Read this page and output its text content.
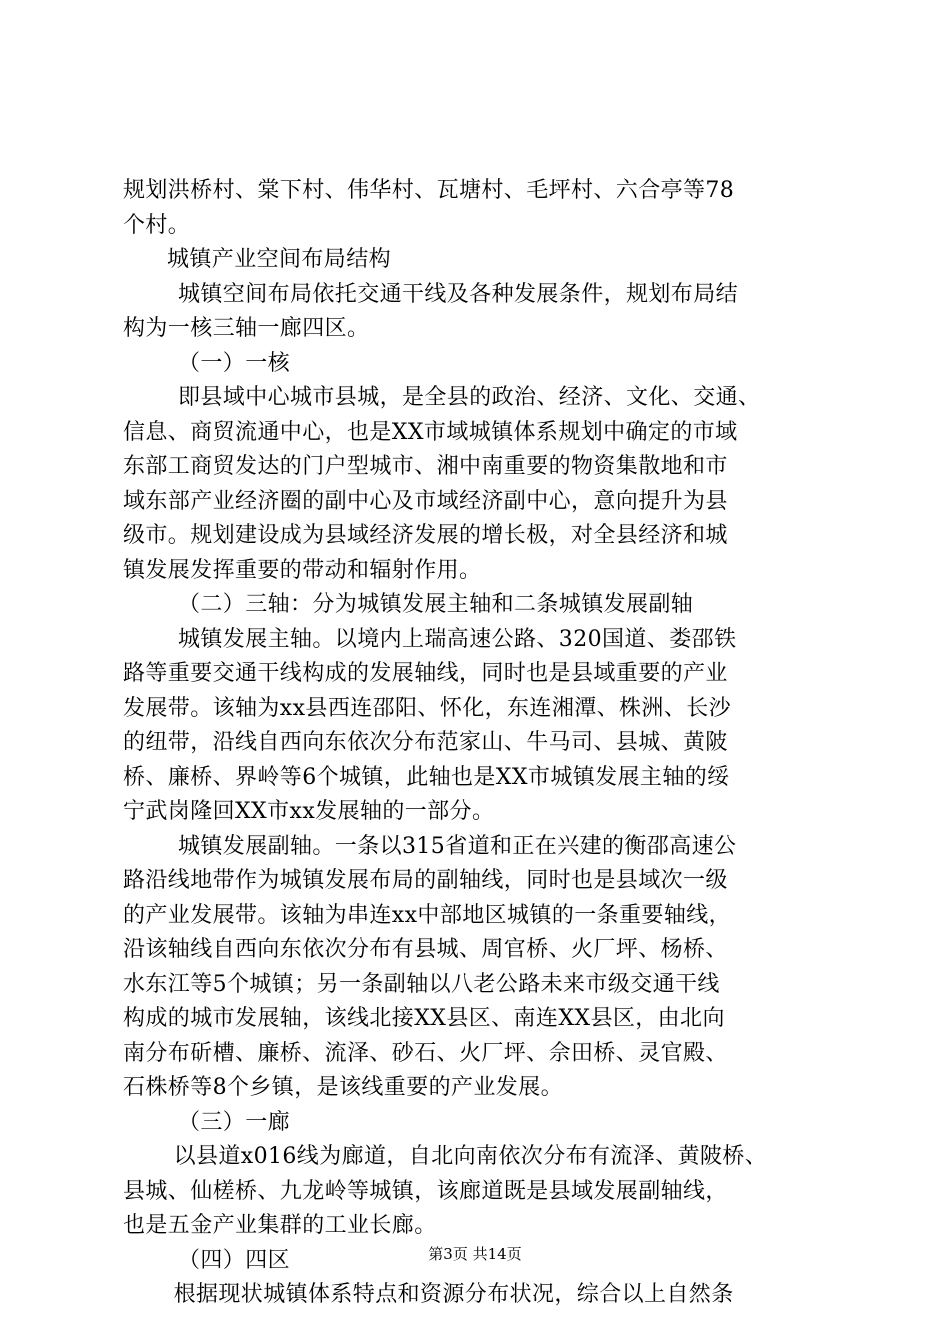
规划洪桥村、棠下村、伟华村、瓦塘村、毛坪村、六合亭等78
个村。
城镇产业空间布局结构
城镇空间布局依托交通干线及各种发展条件，规划布局结
构为一核三轴一廊四区。
（一）一核
即县域中心城市县城，是全县的政治、经济、文化、交通、
信息、商贸流通中心，也是XX市域城镇体系规划中确定的市域
东部工商贸发达的门户型城市、湘中南重要的物资集散地和市
域东部产业经济圈的副中心及市域经济副中心，意向提升为县
级市。规划建设成为县域经济发展的增长极，对全县经济和城
镇发展发挥重要的带动和辐射作用。
（二）三轴：分为城镇发展主轴和二条城镇发展副轴
城镇发展主轴。以境内上瑞高速公路、320国道、娄邵铁
路等重要交通干线构成的发展轴线，同时也是县域重要的产业
发展带。该轴为xx县西连邵阳、怀化，东连湘潭、株洲、长沙
的纽带，沿线自西向东依次分布范家山、牛马司、县城、黄陂
桥、廉桥、界岭等6个城镇，此轴也是XX市城镇发展主轴的绥
宁武岗隆回XX市xx发展轴的一部分。
城镇发展副轴。一条以315省道和正在兴建的衡邵高速公
路沿线地带作为城镇发展布局的副轴线，同时也是县域次一级
的产业发展带。该轴为串连xx中部地区城镇的一条重要轴线，
沿该轴线自西向东依次分布有县城、周官桥、火厂坪、杨桥、
水东江等5个城镇；另一条副轴以八老公路未来市级交通干线
构成的城市发展轴，该线北接XX县区、南连XX县区，由北向
南分布斫槽、廉桥、流泽、砂石、火厂坪、佘田桥、灵官殿、
石株桥等8个乡镇，是该线重要的产业发展。
（三）一廊
以县道x016线为廊道，自北向南依次分布有流泽、黄陂桥、
县城、仙槎桥、九龙岭等城镇，该廊道既是县域发展副轴线，
也是五金产业集群的工业长廊。
（四）四区
根据现状城镇体系特点和资源分布状况，综合以上自然条
第3页 共14页
